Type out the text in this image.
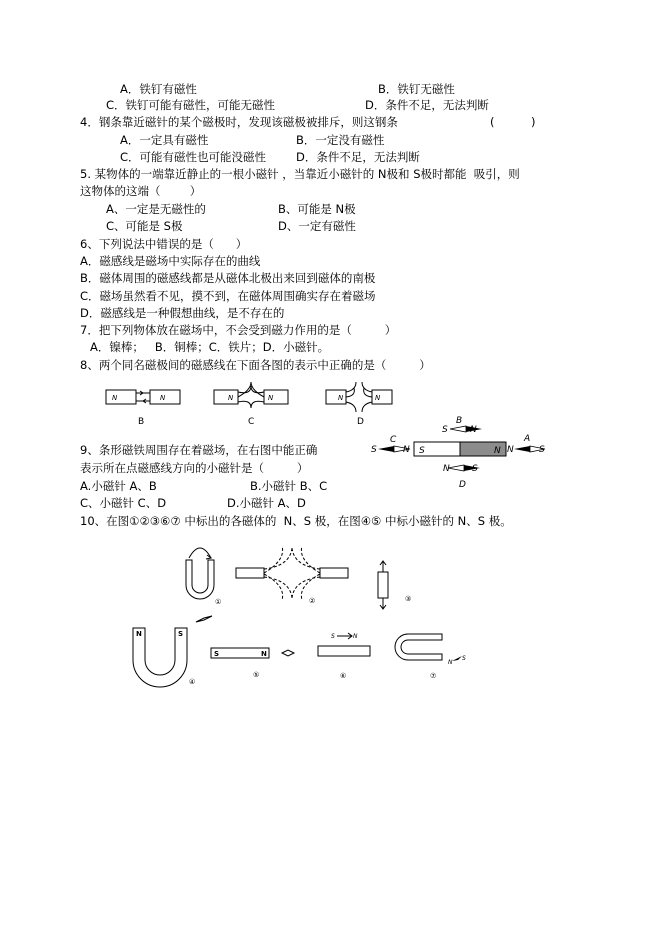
A．铁钉有磁性	B．铁钉无磁性
C．铁钉可能有磁性，可能无磁性	D．条件不足，无法判断
4．钢条靠近磁针的某个磁极时，发现该磁极被排斥，则这钢条	(          )
A．一定具有磁性	B．一定没有磁性
C．可能有磁性也可能没磁性	D．条件不足，无法判断
5. 某物体的一端靠近静止的一根小磁针 ，当靠近小磁针的 N极和 S极时都能  吸引，则
这物体的这端（        ）
A、一定是无磁性的	B、可能是 N极
C、可能是 S极	D、一定有磁性
6、下列说法中错误的是（      ）
A．磁感线是磁场中实际存在的曲线
B．磁体周围的磁感线都是从磁体北极出来回到磁体的南极
C．磁场虽然看不见，摸不到，在磁体周围确实存在着磁场
D．磁感线是一种假想曲线，是不存在的
7．把下列物体放在磁场中，不会受到磁力作用的是（         ）
A．镍棒；   B．铜棒；C．铁片；D．小磁针。
8、两个同名磁极间的磁感线在下面各图的表示中正确的是（         ）
N	N	N	N	N	N
B	C	D
9、条形磁铁周围存在着磁场，在右图中能正确
表示所在点磁感线方向的小磁针是（         ）
A.小磁针 A、B	B.小磁针 B、C
C、小磁针 C、D	D.小磁针 A、D
S	N
C
B
A
D
S	N
S N
N S
N	S
10、在图①②③⑥⑦ 中标出的各磁体的  N、S 极，在图④⑤ 中标小磁针的 N、S 极。
①	②	③
④
⑤	⑥	⑦
N	S
S	N
S	N
N
S
